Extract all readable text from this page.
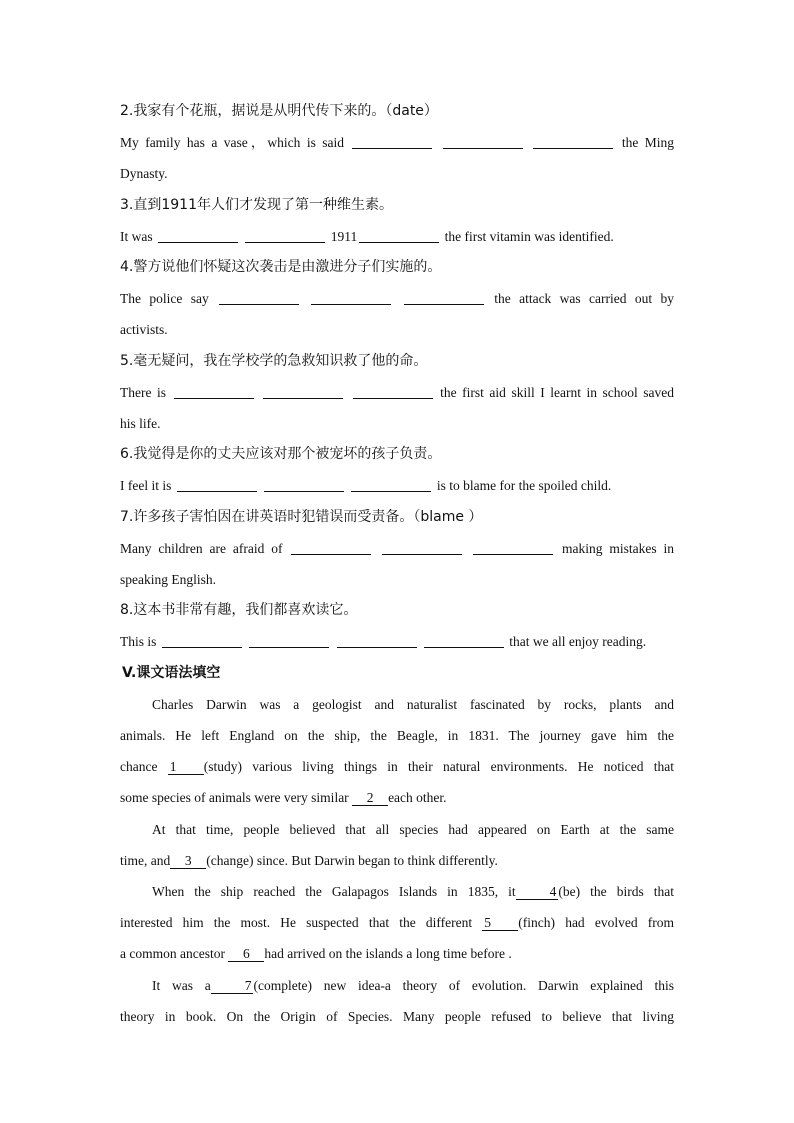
2.我家有个花瓶，据说是从明代传下来的。（date）
My family has a vase，which is said	the Ming
Dynasty.
3.直到1911年人们才发现了第一种维生素。
It was	1911	the first vitamin was identified.
4.警方说他们怀疑这次袭击是由激进分子们实施的。
The police say	the attack was carried out by
activists.
5.毫无疑问，我在学校学的急救知识救了他的命。
There is	the first aid skill I learnt in school saved
his life.
6.我觉得是你的丈夫应该对那个被宠坏的孩子负责。
I feel it is	is to blame for the spoiled child.
7.许多孩子害怕因在讲英语时犯错误而受责备。（blame ）
Many children are afraid of	making mistakes in
speaking English.
8.这本书非常有趣，我们都喜欢读它。
This is	that we all enjoy reading.
V.课文语法填空
Charles Darwin was a geologist and naturalist fascinated by rocks, plants and
animals. He left England on the ship, the Beagle, in 1831. The journey gave him the
chance 1 (study) various living things in their natural environments. He noticed that
some species of animals were very similar 2 each other.
At that time, people believed that all species had appeared on Earth at the same
time, and 3 (change) since. But Darwin began to think differently.
When the ship reached the Galapagos Islands in 1835, it	4 (be) the birds that
interested him the most. He suspected that the different 5 (finch) had evolved from
a common ancestor 6 had arrived on the islands a long time before .
It was a	7 (complete) new idea-a theory of evolution. Darwin explained this
theory in book. On the Origin of Species. Many people refused to believe that living
